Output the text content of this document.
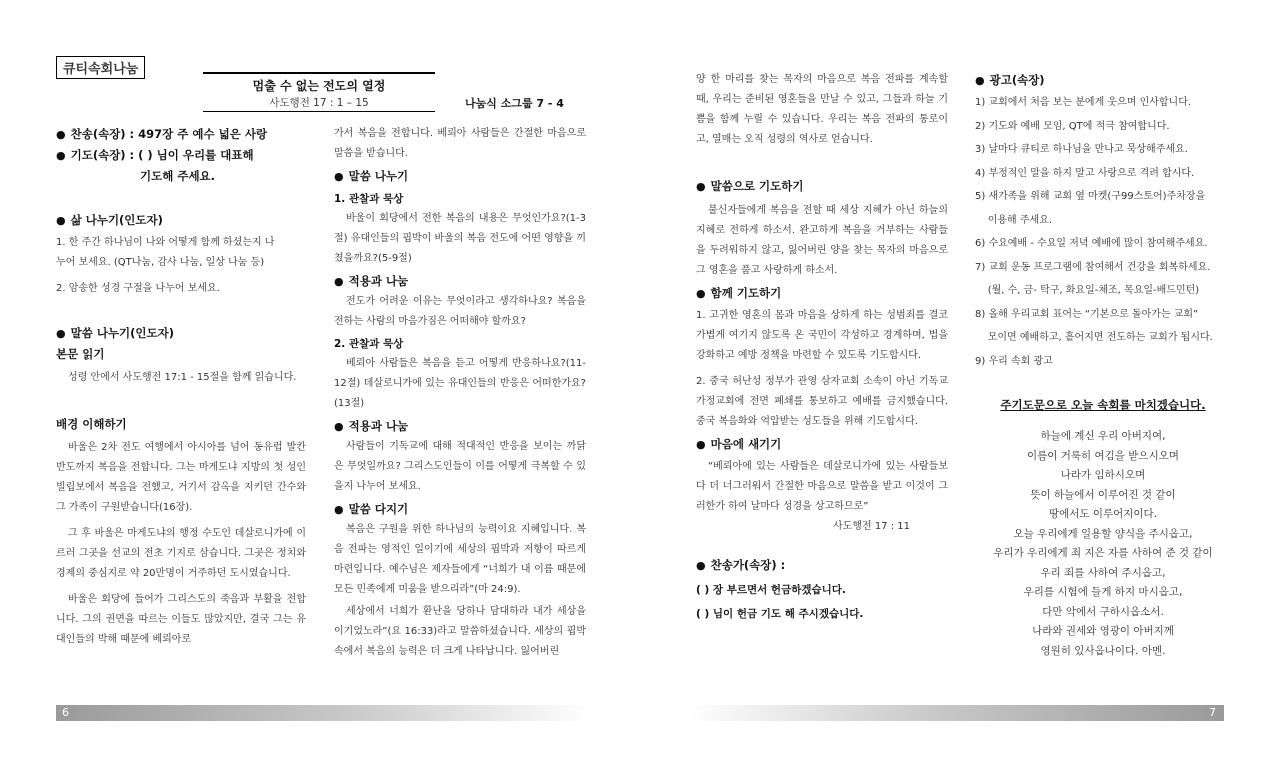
큐티속회나눔
멈출 수 없는 전도의 열정
사도행전 17 : 1 – 15	나눔식 소그룹 7 - 4

● 찬송(속장) : 497장 주 예수 넓은 사랑

● 기도(속장) : ( ) 님이 우리를 대표해

기도해 주세요.

● 삶 나누기(인도자)

1. 한 주간 하나님이 나와 어떻게 함께 하셨는지 나

누어 보세요. (QT나눔, 감사 나눔, 일상 나눔 등)

2. 암송한 성경 구절을 나누어 보세요.

● 말씀 나누기(인도자)

본문 읽기

성령 안에서 사도행전 17:1 - 15절을 함께 읽습니다.

배경 이해하기

바울은 2차 전도 여행에서 아시아를 넘어 동유럽 발칸반도까지 복음을 전합니다. 그는 마게도냐 지방의 첫 성인 빌립보에서 복음을 전했고, 거기서 감옥을 지키던 간수와 그 가족이 구원받습니다(16장).

그 후 바울은 마게도냐의 행정 수도인 데살로니가에 이르러 그곳을 선교의 전초 기지로 삼습니다. 그곳은 정치와 경제의 중심지로 약 20만명이 거주하던 도시였습니다.

바울은 회당에 들어가 그리스도의 죽음과 부활을 전합니다. 그의 권면을 따르는 이들도 많았지만, 결국 그는 유대인들의 박해 때문에 베뢰아로

가서 복음을 전합니다. 베뢰아 사람들은 간절한 마음으로 말씀을 받습니다.

● 말씀 나누기

1. 관찰과 묵상

바울이 회당에서 전한 복음의 내용은 무엇인가요?(1-3절) 유대인들의 핍박이 바울의 복음 전도에 어떤 영향을 끼쳤을까요?(5-9절)

● 적용과 나눔

전도가 어려운 이유는 무엇이라고 생각하나요? 복음을 전하는 사람의 마음가짐은 어떠해야 할까요?

2. 관찰과 묵상

베뢰아 사람들은 복음을 듣고 어떻게 반응하나요?(11-12절) 데살로니가에 있는 유대인들의 반응은 어떠한가요?(13절)

● 적용과 나눔

사람들이 기독교에 대해 적대적인 반응을 보이는 까닭은 무엇일까요? 그리스도인들이 이를 어떻게 극복할 수 있을지 나누어 보세요.

● 말씀 다지기

복음은 구원을 위한 하나님의 능력이요 지혜입니다. 복음 전파는 영적인 일이기에 세상의 핍박과 저항이 따르게 마련입니다. 예수님은 제자들에게 “너희가 내 이름 때문에 모든 민족에게 미움을 받으리라”(마 24:9).

세상에서 너희가 환난을 당하나 담대하라 내가 세상을 이기었노라”(요 16:33)라고 말씀하셨습니다. 세상의 핍박 속에서 복음의 능력은 더 크게 나타납니다. 잃어버린

양 한 마리를 찾는 목자의 마음으로 복음 전파를 계속할 때, 우리는 준비된 영혼들을 만날 수 있고, 그들과 하늘 기쁨을 함께 누릴 수 있습니다. 우리는 복음 전파의 통로이고, 열매는 오직 성령의 역사로 얻습니다.

● 말씀으로 기도하기

불신자들에게 복음을 전할 때 세상 지혜가 아닌 하늘의 지혜로 전하게 하소서. 완고하게 복음을 거부하는 사람들을 두려워하지 않고, 잃어버린 양을 찾는 목자의 마음으로 그 영혼을 품고 사랑하게 하소서.

● 함께 기도하기

1. 고귀한 영혼의 몸과 마음을 상하게 하는 성범죄를 결코 가볍게 여기지 않도록 온 국민이 각성하고 경계하며, 법을 강화하고 예방 정책을 마련할 수 있도록 기도합시다.

2. 중국 허난성 정부가 관영 삼자교회 소속이 아닌 기독교 가정교회에 전면 폐쇄를 통보하고 예배를 금지했습니다. 중국 복음화와 억압받는 성도들을 위해 기도합시다.

● 마음에 새기기

“베뢰아에 있는 사람들은 데살로니가에 있는 사람들보다 더 너그러워서 간절한 마음으로 말씀을 받고 이것이 그러한가 하여 날마다 성경을 상고하므로”

사도행전 17 : 11

● 찬송가(속장) :

( ) 장 부르면서 헌금하겠습니다.

( ) 님이 헌금 기도 해 주시겠습니다.

● 광고(속장)

1) 교회에서 처음 보는 분에게 웃으며 인사합니다.
2) 기도와 예배 모임, QT에 적극 참여합니다.
3) 날마다 큐티로 하나님을 만나고 묵상해주세요.
4) 부정적인 말을 하지 말고 사랑으로 격려 합시다.
5) 새가족을 위해 교회 옆 마켓(구99스토어)주차장을
이용해 주세요.
6) 수요예배 - 수요일 저녁 예배에 많이 참여해주세요.
7) 교회 운동 프로그램에 참여해서 건강을 회복하세요.
(월, 수, 금- 탁구, 화요일-체조, 목요일-배드민턴)
8) 올해 우리교회 표어는 “기본으로 돌아가는 교회”
모이면 예배하고, 흩어지면 전도하는 교회가 됩시다.
9) 우리 속회 광고

주기도문으로 오늘 속회를 마치겠습니다.

하늘에 계신 우리 아버지여,

이름이 거룩히 여김을 받으시오며

나라가 임하시오며

뜻이 하늘에서 이루어진 것 같이

땅에서도 이루어지이다.

오늘 우리에게 일용할 양식을 주시옵고,

우리가 우리에게 죄 지은 자를 사하여 준 것 같이

우리 죄를 사하여 주시옵고,

우리를 시험에 들게 하지 마시옵고,

다만 악에서 구하시옵소서.

나라와 권세와 영광이 아버지께

영원히 있사옵나이다. 아멘.

6	7
